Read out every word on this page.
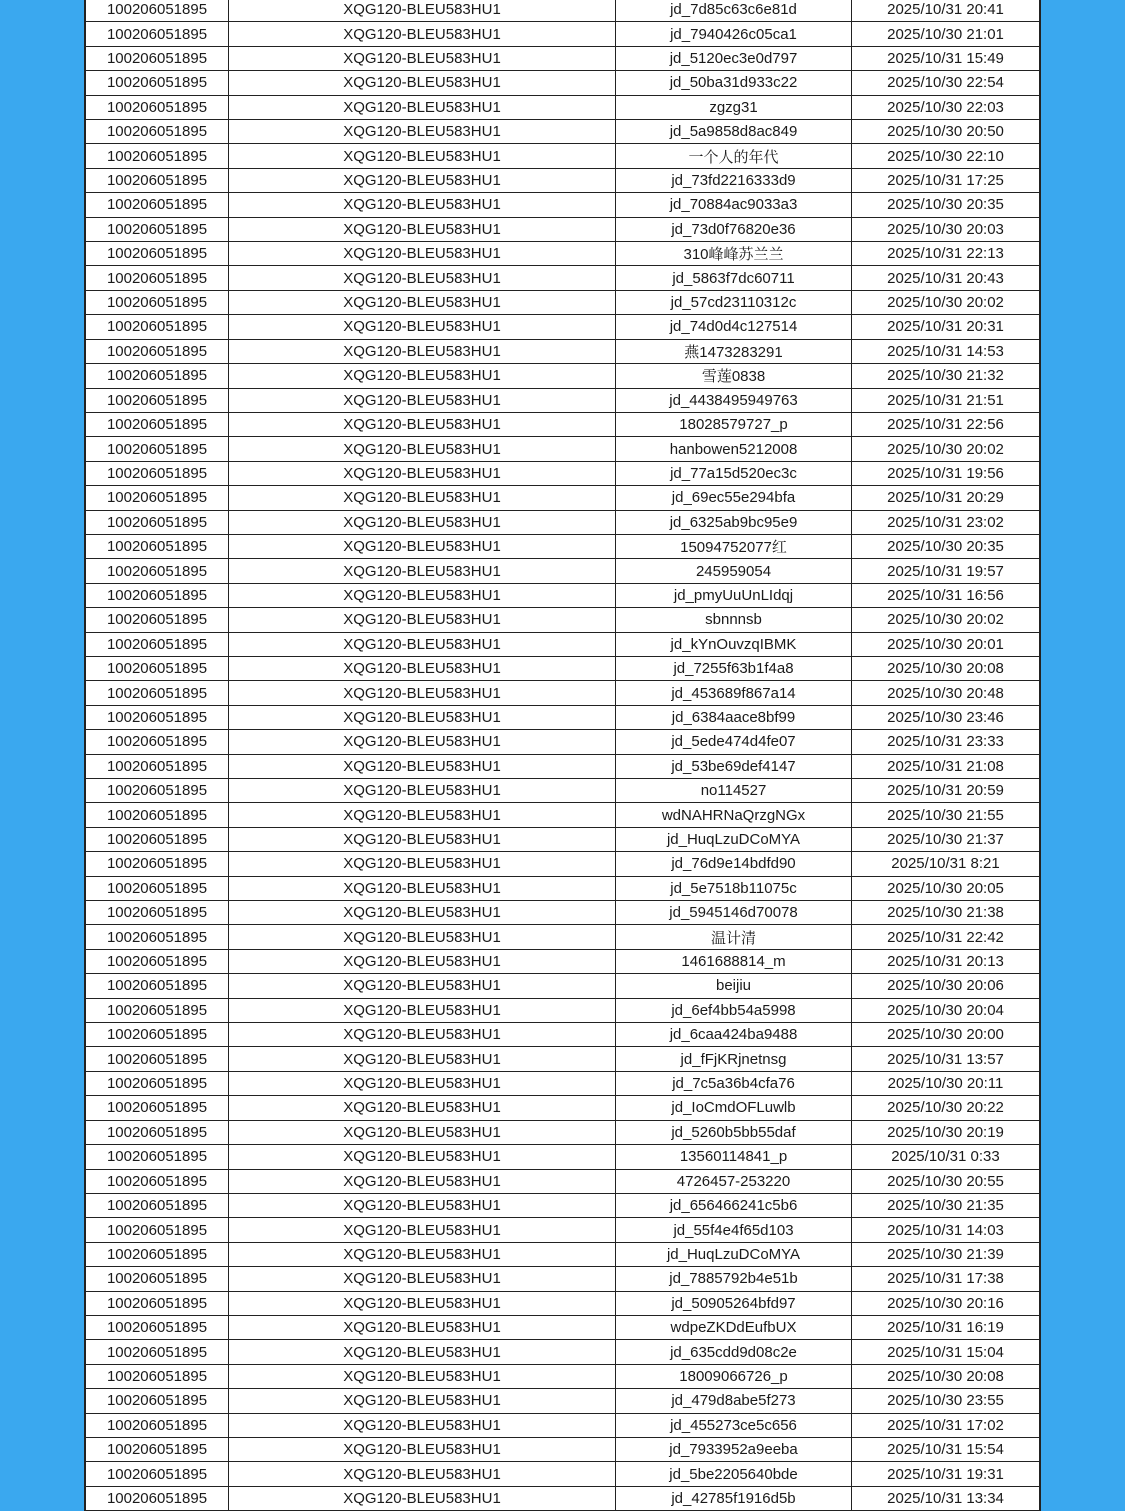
100206051895	XQG120-BLEU583HU1	jd_7d85c63c6e81d	2025/10/31 20:41
100206051895	XQG120-BLEU583HU1	jd_7940426c05ca1	2025/10/30 21:01
100206051895	XQG120-BLEU583HU1	jd_5120ec3e0d797	2025/10/31 15:49
100206051895	XQG120-BLEU583HU1	jd_50ba31d933c22	2025/10/30 22:54
100206051895	XQG120-BLEU583HU1	zgzg31	2025/10/30 22:03
100206051895	XQG120-BLEU583HU1	jd_5a9858d8ac849	2025/10/30 20:50
100206051895	XQG120-BLEU583HU1	一个人的年代	2025/10/30 22:10
100206051895	XQG120-BLEU583HU1	jd_73fd2216333d9	2025/10/31 17:25
100206051895	XQG120-BLEU583HU1	jd_70884ac9033a3	2025/10/30 20:35
100206051895	XQG120-BLEU583HU1	jd_73d0f76820e36	2025/10/30 20:03
100206051895	XQG120-BLEU583HU1	310峰峰苏兰兰	2025/10/31 22:13
100206051895	XQG120-BLEU583HU1	jd_5863f7dc60711	2025/10/31 20:43
100206051895	XQG120-BLEU583HU1	jd_57cd23110312c	2025/10/30 20:02
100206051895	XQG120-BLEU583HU1	jd_74d0d4c127514	2025/10/31 20:31
100206051895	XQG120-BLEU583HU1	燕1473283291	2025/10/31 14:53
100206051895	XQG120-BLEU583HU1	雪莲0838	2025/10/30 21:32
100206051895	XQG120-BLEU583HU1	jd_4438495949763	2025/10/31 21:51
100206051895	XQG120-BLEU583HU1	18028579727_p	2025/10/31 22:56
100206051895	XQG120-BLEU583HU1	hanbowen5212008	2025/10/30 20:02
100206051895	XQG120-BLEU583HU1	jd_77a15d520ec3c	2025/10/31 19:56
100206051895	XQG120-BLEU583HU1	jd_69ec55e294bfa	2025/10/31 20:29
100206051895	XQG120-BLEU583HU1	jd_6325ab9bc95e9	2025/10/31 23:02
100206051895	XQG120-BLEU583HU1	15094752077红	2025/10/30 20:35
100206051895	XQG120-BLEU583HU1	245959054	2025/10/31 19:57
100206051895	XQG120-BLEU583HU1	jd_pmyUuUnLIdqj	2025/10/31 16:56
100206051895	XQG120-BLEU583HU1	sbnnnsb	2025/10/30 20:02
100206051895	XQG120-BLEU583HU1	jd_kYnOuvzqIBMK	2025/10/30 20:01
100206051895	XQG120-BLEU583HU1	jd_7255f63b1f4a8	2025/10/30 20:08
100206051895	XQG120-BLEU583HU1	jd_453689f867a14	2025/10/30 20:48
100206051895	XQG120-BLEU583HU1	jd_6384aace8bf99	2025/10/30 23:46
100206051895	XQG120-BLEU583HU1	jd_5ede474d4fe07	2025/10/31 23:33
100206051895	XQG120-BLEU583HU1	jd_53be69def4147	2025/10/31 21:08
100206051895	XQG120-BLEU583HU1	no114527	2025/10/31 20:59
100206051895	XQG120-BLEU583HU1	wdNAHRNaQrzgNGx	2025/10/30 21:55
100206051895	XQG120-BLEU583HU1	jd_HuqLzuDCoMYA	2025/10/30 21:37
100206051895	XQG120-BLEU583HU1	jd_76d9e14bdfd90	2025/10/31 8:21
100206051895	XQG120-BLEU583HU1	jd_5e7518b11075c	2025/10/30 20:05
100206051895	XQG120-BLEU583HU1	jd_5945146d70078	2025/10/30 21:38
100206051895	XQG120-BLEU583HU1	温计清	2025/10/31 22:42
100206051895	XQG120-BLEU583HU1	1461688814_m	2025/10/31 20:13
100206051895	XQG120-BLEU583HU1	beijiu	2025/10/30 20:06
100206051895	XQG120-BLEU583HU1	jd_6ef4bb54a5998	2025/10/30 20:04
100206051895	XQG120-BLEU583HU1	jd_6caa424ba9488	2025/10/30 20:00
100206051895	XQG120-BLEU583HU1	jd_fFjKRjnetnsg	2025/10/31 13:57
100206051895	XQG120-BLEU583HU1	jd_7c5a36b4cfa76	2025/10/30 20:11
100206051895	XQG120-BLEU583HU1	jd_IoCmdOFLuwlb	2025/10/30 20:22
100206051895	XQG120-BLEU583HU1	jd_5260b5bb55daf	2025/10/30 20:19
100206051895	XQG120-BLEU583HU1	13560114841_p	2025/10/31 0:33
100206051895	XQG120-BLEU583HU1	4726457-253220	2025/10/30 20:55
100206051895	XQG120-BLEU583HU1	jd_656466241c5b6	2025/10/30 21:35
100206051895	XQG120-BLEU583HU1	jd_55f4e4f65d103	2025/10/31 14:03
100206051895	XQG120-BLEU583HU1	jd_HuqLzuDCoMYA	2025/10/30 21:39
100206051895	XQG120-BLEU583HU1	jd_7885792b4e51b	2025/10/31 17:38
100206051895	XQG120-BLEU583HU1	jd_50905264bfd97	2025/10/30 20:16
100206051895	XQG120-BLEU583HU1	wdpeZKDdEufbUX	2025/10/31 16:19
100206051895	XQG120-BLEU583HU1	jd_635cdd9d08c2e	2025/10/31 15:04
100206051895	XQG120-BLEU583HU1	18009066726_p	2025/10/30 20:08
100206051895	XQG120-BLEU583HU1	jd_479d8abe5f273	2025/10/30 23:55
100206051895	XQG120-BLEU583HU1	jd_455273ce5c656	2025/10/31 17:02
100206051895	XQG120-BLEU583HU1	jd_7933952a9eeba	2025/10/31 15:54
100206051895	XQG120-BLEU583HU1	jd_5be2205640bde	2025/10/31 19:31
100206051895	XQG120-BLEU583HU1	jd_42785f1916d5b	2025/10/31 13:34
